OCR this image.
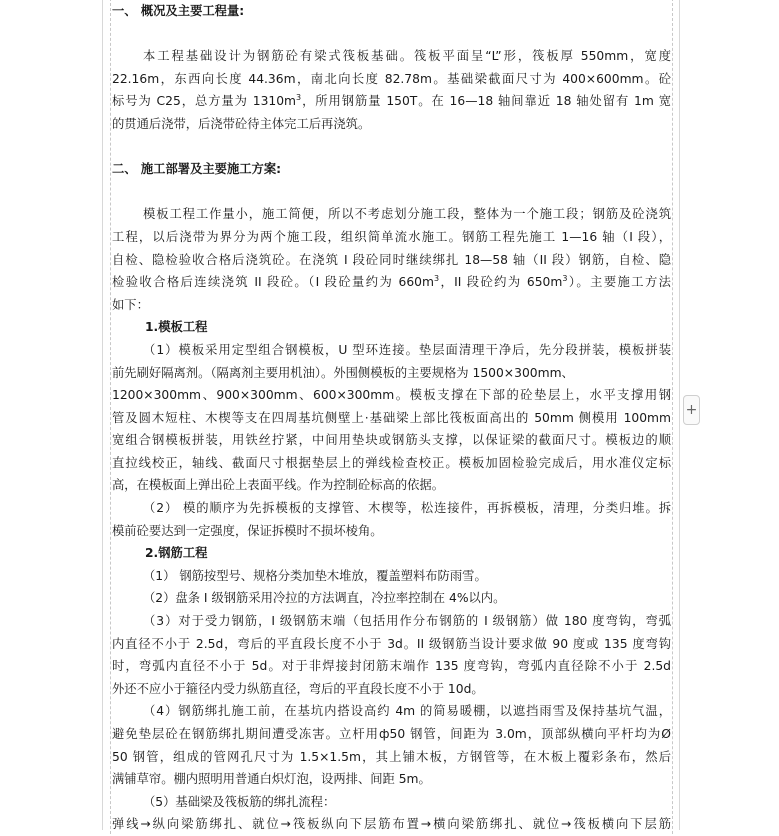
一、 概况及主要工程量:
本工程基础设计为钢筋砼有梁式筏板基础。筏板平面呈“L”形，筏板厚 550mm，宽度
22.16m，东西向长度 44.36m，南北向长度 82.78m。基础梁截面尺寸为 400×600mm。砼
标号为 C25，总方量为 $1310m^3$，所用钢筋量 150T。在 16—18 轴间靠近 18 轴处留有 1m 宽
的贯通后浇带，后浇带砼待主体完工后再浇筑。
二、 施工部署及主要施工方案:
模板工程工作量小，施工简便，所以不考虑划分施工段，整体为一个施工段；钢筋及砼浇筑
工程，以后浇带为界分为两个施工段，组织简单流水施工。钢筋工程先施工 1—16 轴（I 段），
自检、隐检验收合格后浇筑砼。在浇筑 I 段砼同时继续绑扎 18—58 轴（II 段）钢筋，自检、隐
检验收合格后连续浇筑 II 段砼。（I 段砼量约为 $660m^3$，II 段砼约为 $650m^3$）。主要施工方法
如下：
1.模板工程
（1）模板采用定型组合钢模板，U 型环连接。垫层面清理干净后，先分段拼装，模板拼装
前先刷好隔离剂。（隔离剂主要用机油）。外围侧模板的主要规格为 1500×300mm、
1200×300mm、900×300mm、600×300mm。模板支撑在下部的砼垫层上，水平支撑用钢
管及圆木短柱、木楔等支在四周基坑侧壁上·基础梁上部比筏板面高出的 50mm 侧模用 100mm
宽组合钢模板拼装，用铁丝拧紧，中间用垫块或钢筋头支撑，以保证梁的截面尺寸。模板边的顺
直拉线校正，轴线、截面尺寸根据垫层上的弹线检查校正。模板加固检验完成后，用水准仪定标
高，在模板面上弹出砼上表面平线。作为控制砼标高的依据。
（2） 模的顺序为先拆模板的支撑管、木楔等，松连接件，再拆模板，清理，分类归堆。拆
模前砼要达到一定强度，保证拆模时不损坏棱角。
2.钢筋工程
（1） 钢筋按型号、规格分类加垫木堆放，覆盖塑料布防雨雪。
（2）盘条 I 级钢筋采用冷拉的方法调直，冷拉率控制在 4%以内。
（3）对于受力钢筋，I 级钢筋末端（包括用作分布钢筋的 I 级钢筋）做 180 度弯钩，弯弧
内直径不小于 2.5d，弯后的平直段长度不小于 3d。II 级钢筋当设计要求做 90 度或 135 度弯钩
时，弯弧内直径不小于 5d。对于非焊接封闭筋末端作 135 度弯钩，弯弧内直径除不小于 2.5d
外还不应小于箍径内受力纵筋直径，弯后的平直段长度不小于 10d。
（4）钢筋绑扎施工前，在基坑内搭设高约 4m 的简易暖棚，以遮挡雨雪及保持基坑气温，
避免垫层砼在钢筋绑扎期间遭受冻害。立杆用ф50 钢管，间距为 3.0m，顶部纵横向平杆均为Ø
50 钢管，组成的管网孔尺寸为 1.5×1.5m，其上铺木板，方钢管等，在木板上覆彩条布，然后
满铺草帘。棚内照明用普通白炽灯泡，设两排、间距 5m。
（5）基础梁及筏板筋的绑扎流程：
弹线→纵向梁筋绑扎、就位→筏板纵向下层筋布置→横向梁筋绑扎、就位→筏板横向下层筋
+
